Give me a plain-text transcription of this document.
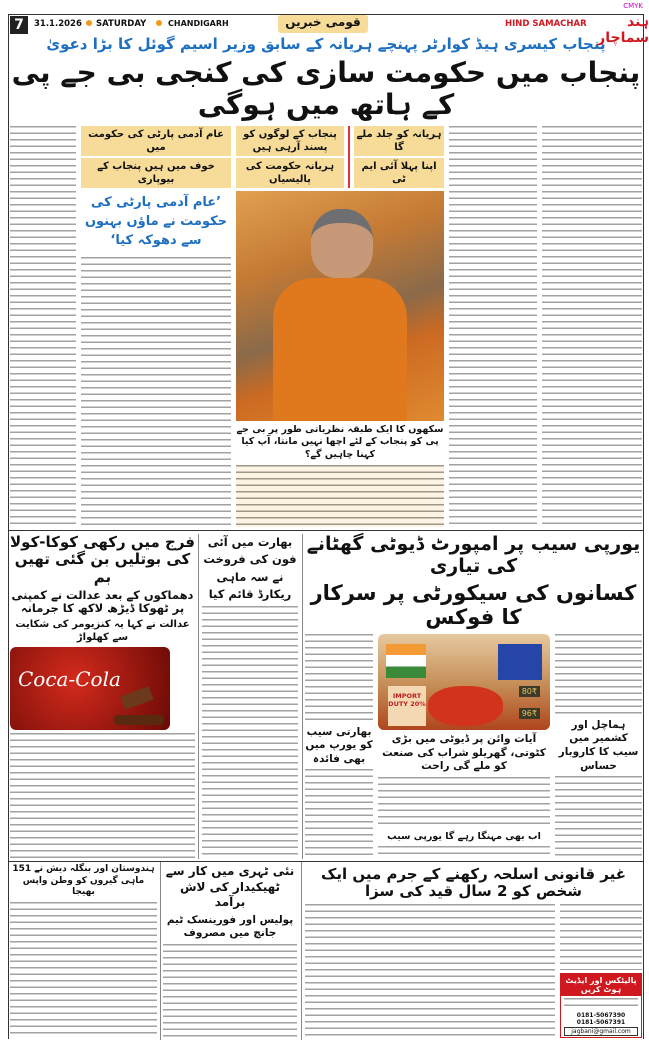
CMYK
7	31.1.2026 SATURDAY	CHANDIGARH	قومی خبریں	HIND SAMACHAR	ہند سماچار
پنجاب کیسری ہیڈ کوارٹر پہنچے ہریانہ کے سابق وزیر اسیم گوئل کا بڑا دعویٰ
پنجاب میں حکومت سازی کی کنجی بی جے پی کے ہاتھ میں ہوگی
عام آدمی پارٹی کی حکومت میں
خوف میں ہیں پنجاب کے بیوپاری
’عام آدمی پارٹی کی حکومت نے ماؤں بہنوں سے دھوکہ کیا‘
پنجاب کے لوگوں کو پسند آرہی ہیں
ہریانہ حکومت کی پالیسیاں
ہریانہ کو جلد ملے گا
اپنا پہلا آئی ایم ٹی
سکھوں کا ایک طبقہ نظریاتی طور پر بی جے پی کو پنجاب کے لئے اچھا نہیں مانتا، آپ کیا کہنا چاہیں گے؟
فرج میں رکھی کوکا-کولا کی بوتلیں بن گئی تھیں بم
دھماکوں کے بعد عدالت نے کمپنی پر ٹھوکا ڈیڑھ لاکھ کا جرمانہ
عدالت نے کہا یہ کنزیومر کی شکایت سے کھلواڑ
Coca-Cola
بھارت میں آئی فون کی فروخت نے سہ ماہی ریکارڈ قائم کیا
یورپی سیب پر امپورٹ ڈیوٹی گھٹانے کی تیاری
کسانوں کی سیکورٹی پر سرکار کا فوکس
بھارتی سیب کو یورپ میں بھی فائدہ
IMPORT DUTY 20%
80₹
96₹
آیات وائن پر ڈیوٹی میں بڑی کٹوتی، گھریلو شراب کی صنعت کو ملے گی راحت
اب بھی مہنگا رہے گا یورپی سیب
ہماچل اور کشمیر میں سیب کا کاروبار حساس
ہندوستان اور بنگلہ دیش نے 151 ماہی گیروں کو وطن واپس بھیجا
نئی ٹہری میں کار سے ٹھیکیدار کی لاش برآمد
پولیس اور فورینسک ٹیم جانچ میں مصروف
غیر قانونی اسلحہ رکھنے کے جرم میں ایک شخص کو 2 سال قید کی سزا
پالیٹکس اور ایڈیٹ ہوٹ کریں
0181-5067390
0181-5067391
jagbani@gmail.com
